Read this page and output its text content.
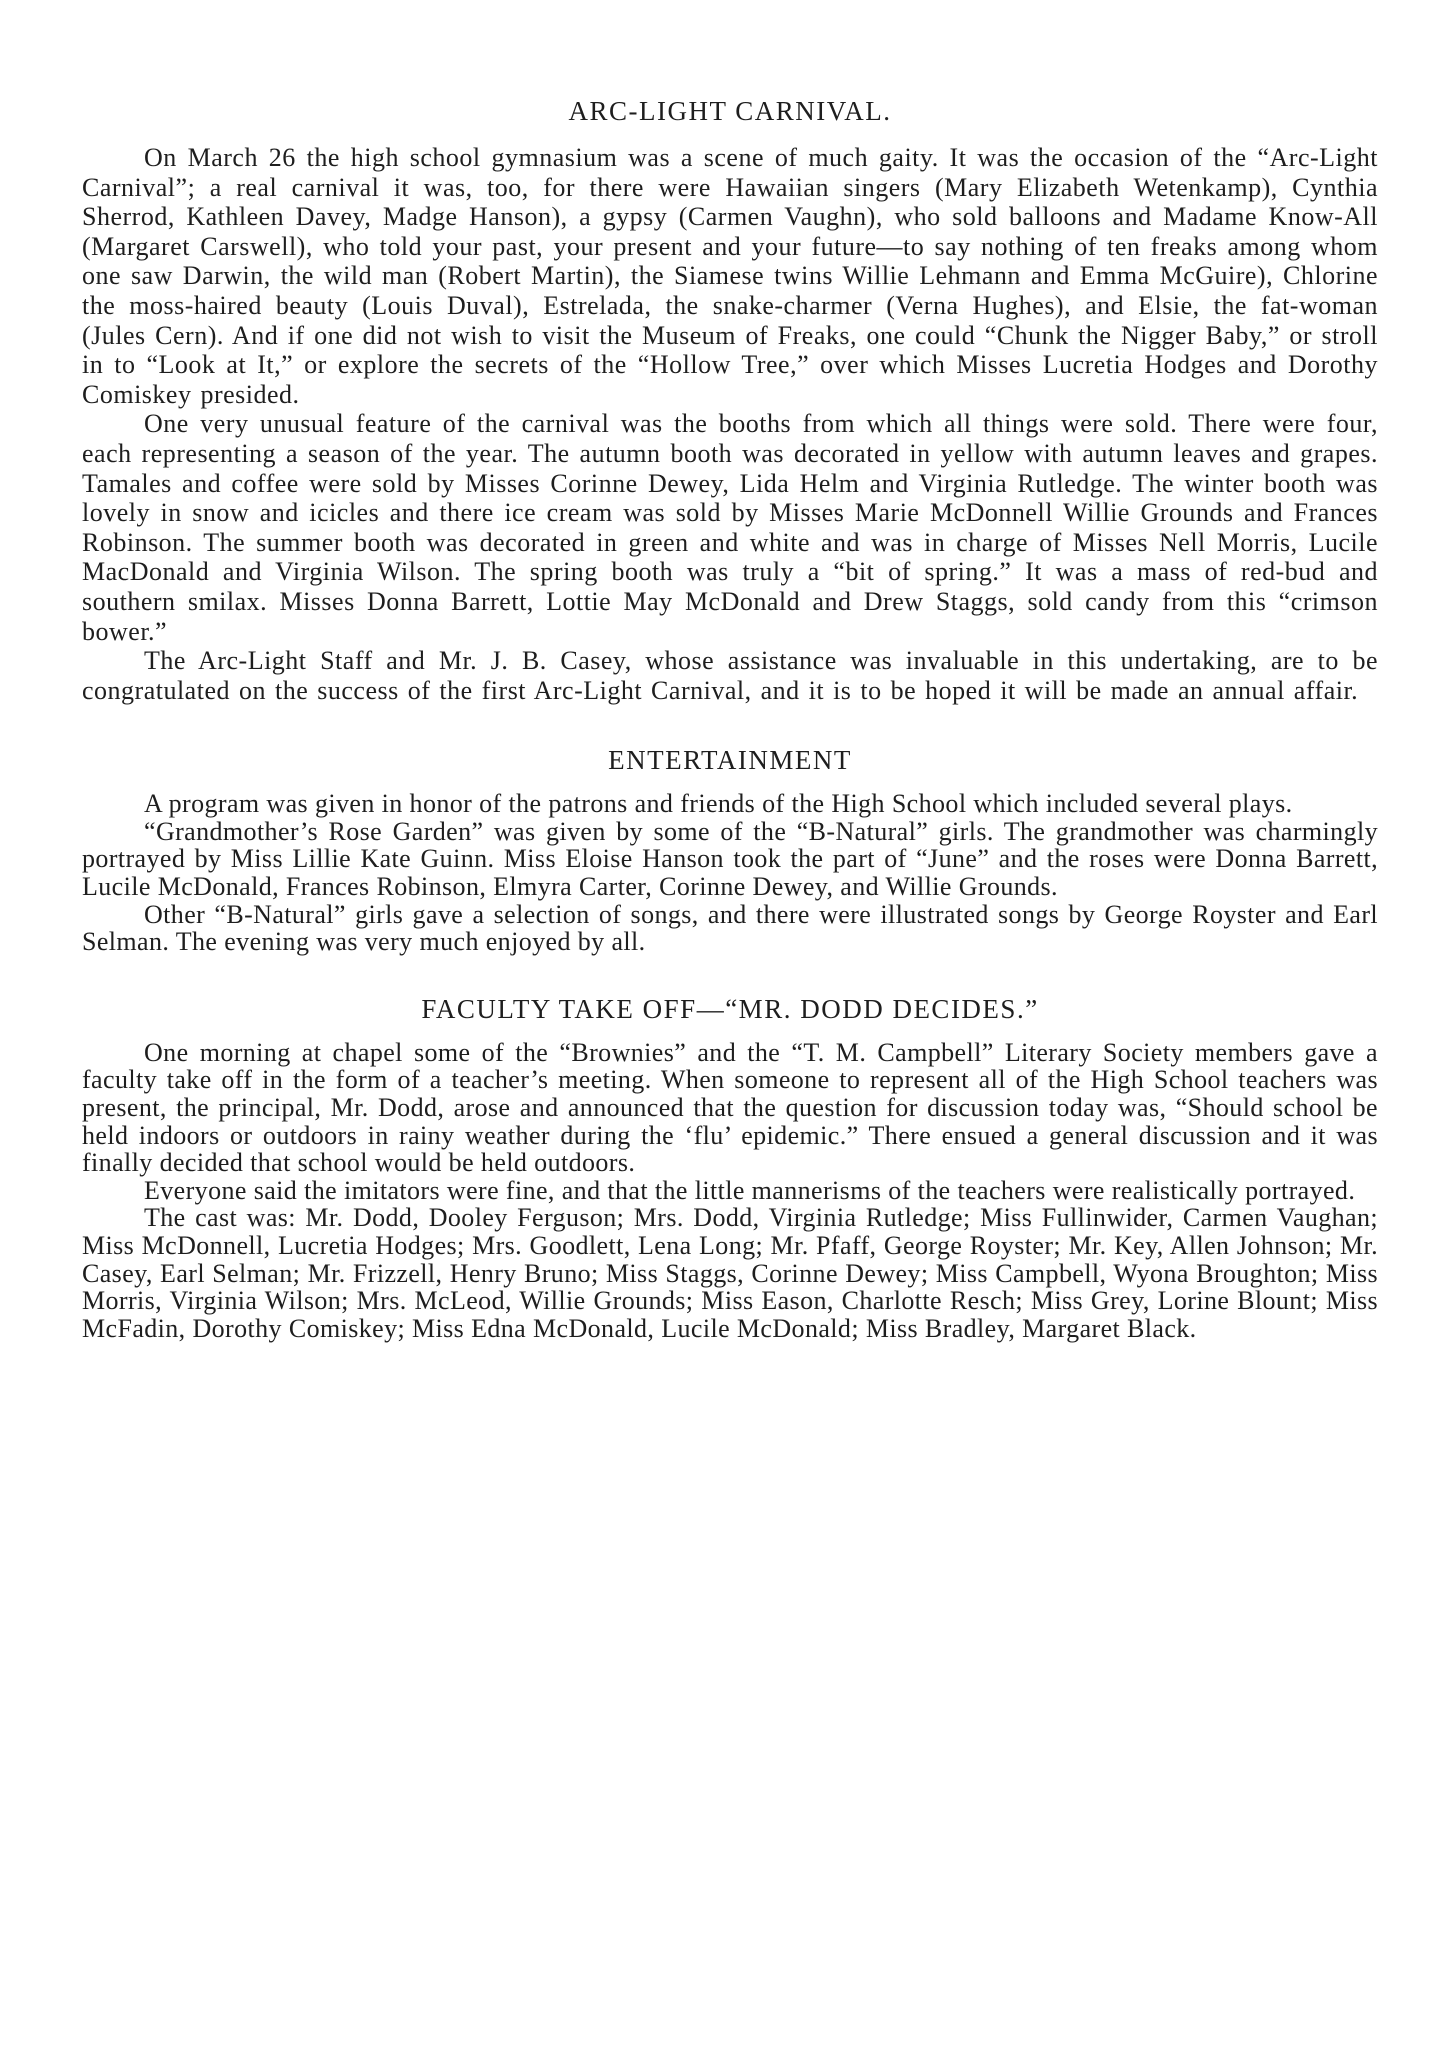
ARC-LIGHT CARNIVAL.

On March 26 the high school gymnasium was a scene of much gaity. It was the occasion of the “Arc-Light Carnival”; a real carnival it was, too, for there were Hawaiian singers (Mary Elizabeth Wetenkamp), Cynthia Sherrod, Kathleen Davey, Madge Hanson), a gypsy (Carmen Vaughn), who sold balloons and Madame Know-All (Margaret Carswell), who told your past, your present and your future—to say nothing of ten freaks among whom one saw Darwin, the wild man (Robert Martin), the Siamese twins Willie Lehmann and Emma McGuire), Chlorine the moss-haired beauty (Louis Duval), Estrelada, the snake-charmer (Verna Hughes), and Elsie, the fat-woman (Jules Cern). And if one did not wish to visit the Museum of Freaks, one could “Chunk the Nigger Baby,” or stroll in to “Look at It,” or explore the secrets of the “Hollow Tree,” over which Misses Lucretia Hodges and Dorothy Comiskey presided.

One very unusual feature of the carnival was the booths from which all things were sold. There were four, each representing a season of the year. The autumn booth was decorated in yellow with autumn leaves and grapes. Tamales and coffee were sold by Misses Corinne Dewey, Lida Helm and Virginia Rutledge. The winter booth was lovely in snow and icicles and there ice cream was sold by Misses Marie McDonnell Willie Grounds and Frances Robinson. The summer booth was decorated in green and white and was in charge of Misses Nell Morris, Lucile MacDonald and Virginia Wilson. The spring booth was truly a “bit of spring.” It was a mass of red-bud and southern smilax. Misses Donna Barrett, Lottie May McDonald and Drew Staggs, sold candy from this “crimson bower.”

The Arc-Light Staff and Mr. J. B. Casey, whose assistance was invaluable in this undertaking, are to be congratulated on the success of the first Arc-Light Carnival, and it is to be hoped it will be made an annual affair.

ENTERTAINMENT

A program was given in honor of the patrons and friends of the High School which included several plays.

“Grandmother’s Rose Garden” was given by some of the “B-Natural” girls. The grandmother was charmingly portrayed by Miss Lillie Kate Guinn. Miss Eloise Hanson took the part of “June” and the roses were Donna Barrett, Lucile McDonald, Frances Robinson, Elmyra Carter, Corinne Dewey, and Willie Grounds.

Other “B-Natural” girls gave a selection of songs, and there were illustrated songs by George Royster and Earl Selman. The evening was very much enjoyed by all.

FACULTY TAKE OFF—“MR. DODD DECIDES.”

One morning at chapel some of the “Brownies” and the “T. M. Campbell” Literary Society members gave a faculty take off in the form of a teacher’s meeting. When someone to represent all of the High School teachers was present, the principal, Mr. Dodd, arose and announced that the question for discussion today was, “Should school be held indoors or outdoors in rainy weather during the ‘flu’ epidemic.” There ensued a general discussion and it was finally decided that school would be held outdoors.

Everyone said the imitators were fine, and that the little mannerisms of the teachers were realistically portrayed.

The cast was: Mr. Dodd, Dooley Ferguson; Mrs. Dodd, Virginia Rutledge; Miss Fullinwider, Carmen Vaughan; Miss McDonnell, Lucretia Hodges; Mrs. Goodlett, Lena Long; Mr. Pfaff, George Royster; Mr. Key, Allen Johnson; Mr. Casey, Earl Selman; Mr. Frizzell, Henry Bruno; Miss Staggs, Corinne Dewey; Miss Campbell, Wyona Broughton; Miss Morris, Virginia Wilson; Mrs. McLeod, Willie Grounds; Miss Eason, Charlotte Resch; Miss Grey, Lorine Blount; Miss McFadin, Dorothy Comiskey; Miss Edna McDonald, Lucile McDonald; Miss Bradley, Margaret Black.
